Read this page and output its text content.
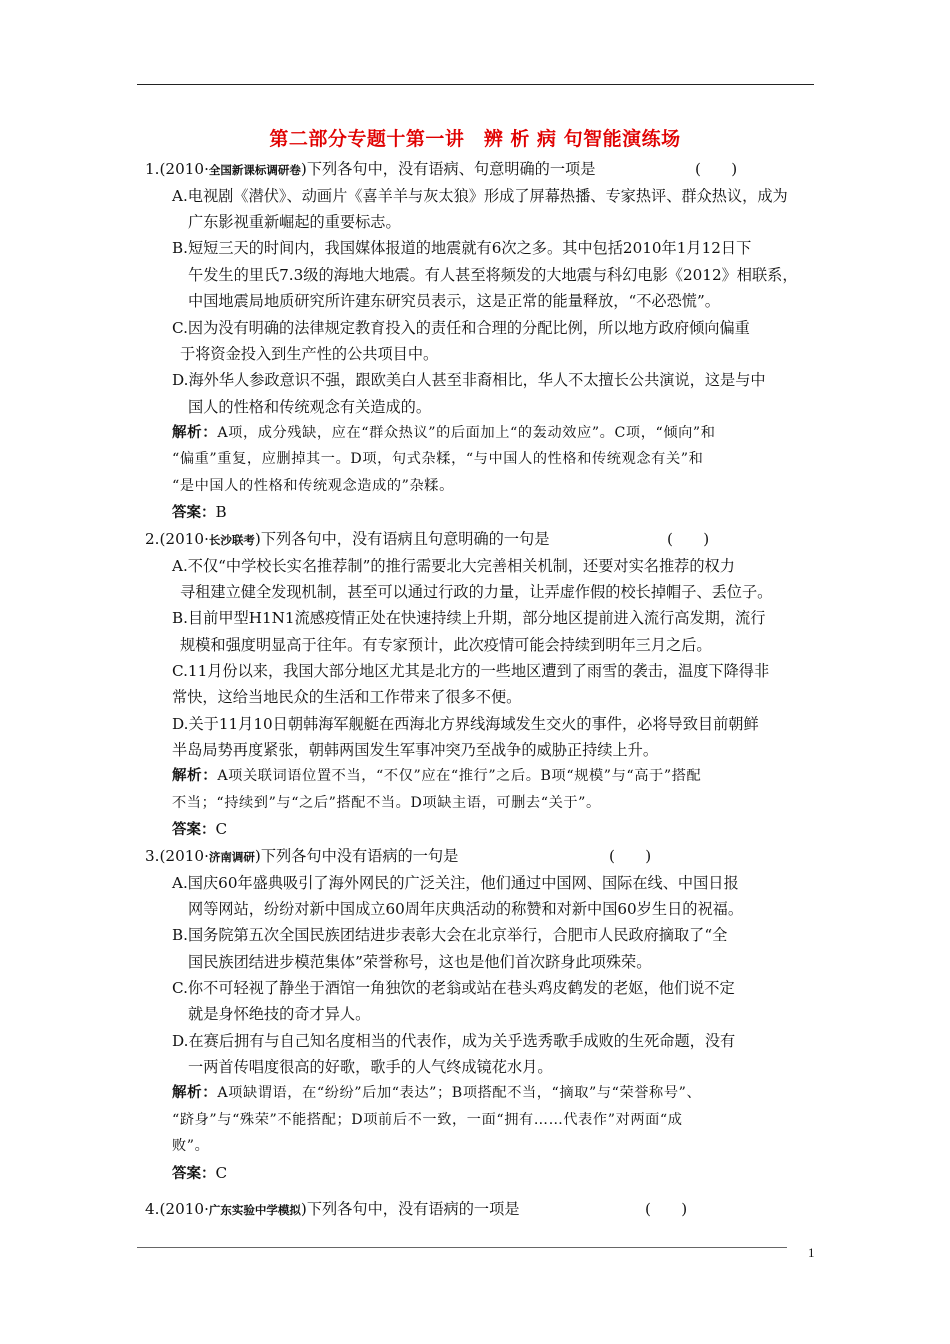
第二部分专题十第一讲　辨 析 病 句智能演练场
1.(2010·全国新课标调研卷)下列各句中，没有语病、句意明确的一项是	(　　)
A.电视剧《潜伏》、动画片《喜羊羊与灰太狼》形成了屏幕热播、专家热评、群众热议，成为
广东影视重新崛起的重要标志。
B.短短三天的时间内，我国媒体报道的地震就有6次之多。其中包括2010年1月12日下
午发生的里氏7.3级的海地大地震。有人甚至将频发的大地震与科幻电影《2012》相联系，
中国地震局地质研究所许建东研究员表示，这是正常的能量释放，“不必恐慌”。
C.因为没有明确的法律规定教育投入的责任和合理的分配比例，所以地方政府倾向偏重
于将资金投入到生产性的公共项目中。
D.海外华人参政意识不强，跟欧美白人甚至非裔相比，华人不太擅长公共演说，这是与中
国人的性格和传统观念有关造成的。
解析：A项，成分残缺，应在“群众热议”的后面加上“的轰动效应”。C项，“倾向”和
“偏重”重复，应删掉其一。D项，句式杂糅，“与中国人的性格和传统观念有关”和
“是中国人的性格和传统观念造成的”杂糅。
答案：B
2.(2010·长沙联考)下列各句中，没有语病且句意明确的一句是	(　　)
A.不仅“中学校长实名推荐制”的推行需要北大完善相关机制，还要对实名推荐的权力
寻租建立健全发现机制，甚至可以通过行政的力量，让弄虚作假的校长掉帽子、丢位子。
B.目前甲型H1N1流感疫情正处在快速持续上升期，部分地区提前进入流行高发期，流行
规模和强度明显高于往年。有专家预计，此次疫情可能会持续到明年三月之后。
C.11月份以来，我国大部分地区尤其是北方的一些地区遭到了雨雪的袭击，温度下降得非
常快，这给当地民众的生活和工作带来了很多不便。
D.关于11月10日朝韩海军舰艇在西海北方界线海域发生交火的事件，必将导致目前朝鲜
半岛局势再度紧张，朝韩两国发生军事冲突乃至战争的威胁正持续上升。
解析：A项关联词语位置不当，“不仅”应在“推行”之后。B项“规模”与“高于”搭配
不当；“持续到”与“之后”搭配不当。D项缺主语，可删去“关于”。
答案：C
3.(2010·济南调研)下列各句中没有语病的一句是	(　　)
A.国庆60年盛典吸引了海外网民的广泛关注，他们通过中国网、国际在线、中国日报
网等网站，纷纷对新中国成立60周年庆典活动的称赞和对新中国60岁生日的祝福。
B.国务院第五次全国民族团结进步表彰大会在北京举行，合肥市人民政府摘取了“全
国民族团结进步模范集体”荣誉称号，这也是他们首次跻身此项殊荣。
C.你不可轻视了静坐于酒馆一角独饮的老翁或站在巷头鸡皮鹤发的老妪，他们说不定
就是身怀绝技的奇才异人。
D.在赛后拥有与自己知名度相当的代表作，成为关乎选秀歌手成败的生死命题，没有
一两首传唱度很高的好歌，歌手的人气终成镜花水月。
解析：A项缺谓语，在“纷纷”后加“表达”；B项搭配不当，“摘取”与“荣誉称号”、
“跻身”与“殊荣”不能搭配；D项前后不一致，一面“拥有……代表作”对两面“成
败”。
答案：C
4.(2010·广东实验中学模拟)下列各句中，没有语病的一项是	(　　)
1
